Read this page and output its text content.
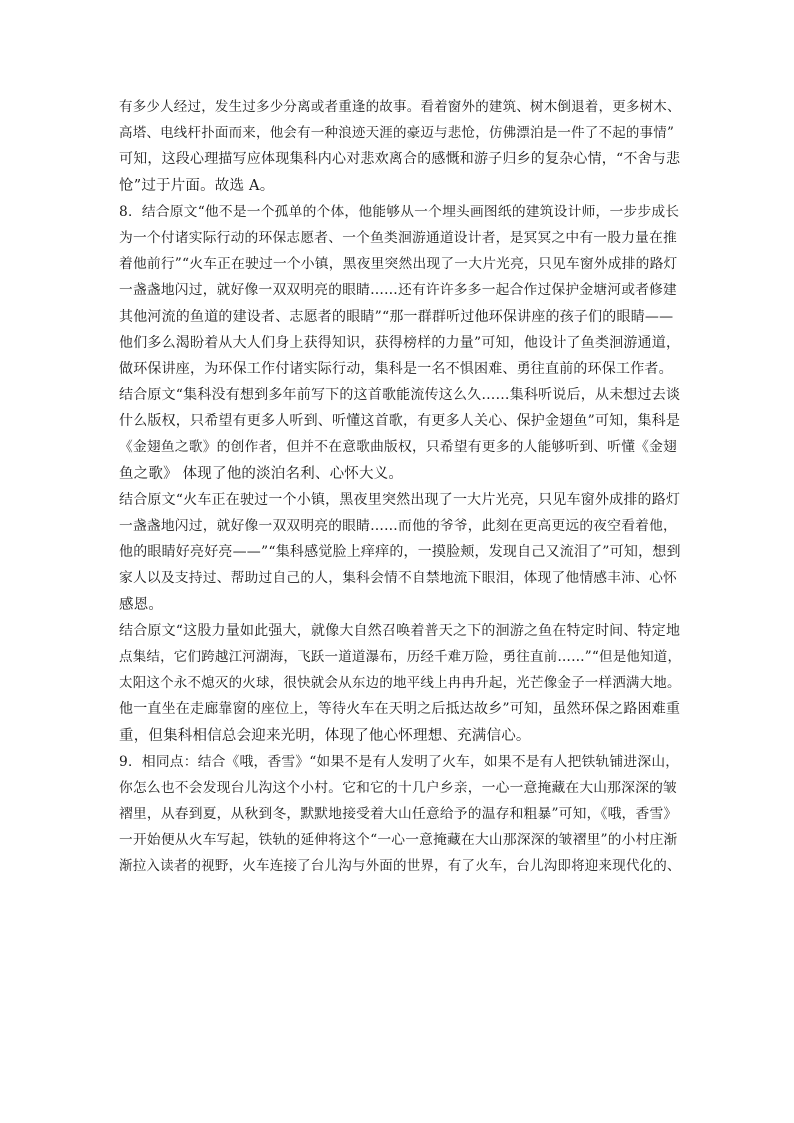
有多少人经过，发生过多少分离或者重逢的故事。看着窗外的建筑、树木倒退着，更多树木、
高塔、电线杆扑面而来，他会有一种浪迹天涯的豪迈与悲怆，仿佛漂泊是一件了不起的事情”
可知，这段心理描写应体现集科内心对悲欢离合的感慨和游子归乡的复杂心情，“不舍与悲
怆”过于片面。故选 A。
8．结合原文“他不是一个孤单的个体，他能够从一个埋头画图纸的建筑设计师，一步步成长
为一个付诸实际行动的环保志愿者、一个鱼类洄游通道设计者，是冥冥之中有一股力量在推
着他前行”“火车正在驶过一个小镇，黑夜里突然出现了一大片光亮，只见车窗外成排的路灯
一盏盏地闪过，就好像一双双明亮的眼睛……还有许许多多一起合作过保护金塘河或者修建
其他河流的鱼道的建设者、志愿者的眼睛”“那一群群听过他环保讲座的孩子们的眼睛——
他们多么渴盼着从大人们身上获得知识，获得榜样的力量”可知，他设计了鱼类洄游通道，
做环保讲座，为环保工作付诸实际行动，集科是一名不惧困难、勇往直前的环保工作者。
结合原文“集科没有想到多年前写下的这首歌能流传这么久……集科听说后，从未想过去谈
什么版权，只希望有更多人听到、听懂这首歌，有更多人关心、保护金翅鱼”可知，集科是
《金翅鱼之歌》的创作者，但并不在意歌曲版权，只希望有更多的人能够听到、听懂《金翅
鱼之歌》 体现了他的淡泊名利、心怀大义。
结合原文“火车正在驶过一个小镇，黑夜里突然出现了一大片光亮，只见车窗外成排的路灯
一盏盏地闪过，就好像一双双明亮的眼睛……而他的爷爷，此刻在更高更远的夜空看着他，
他的眼睛好亮好亮——”“集科感觉脸上痒痒的，一摸脸颊，发现自己又流泪了”可知，想到
家人以及支持过、帮助过自己的人，集科会情不自禁地流下眼泪，体现了他情感丰沛、心怀
感恩。
结合原文“这股力量如此强大，就像大自然召唤着普天之下的洄游之鱼在特定时间、特定地
点集结，它们跨越江河湖海，飞跃一道道瀑布，历经千难万险，勇往直前……”“但是他知道，
太阳这个永不熄灭的火球，很快就会从东边的地平线上冉冉升起，光芒像金子一样洒满大地。
他一直坐在走廊靠窗的座位上，等待火车在天明之后抵达故乡”可知，虽然环保之路困难重
重，但集科相信总会迎来光明，体现了他心怀理想、充满信心。
9．相同点：结合《哦，香雪》“如果不是有人发明了火车，如果不是有人把铁轨铺进深山，
你怎么也不会发现台儿沟这个小村。它和它的十几户乡亲，一心一意掩藏在大山那深深的皱
褶里，从春到夏，从秋到冬，默默地接受着大山任意给予的温存和粗暴”可知，《哦，香雪》
一开始便从火车写起，铁轨的延伸将这个“一心一意掩藏在大山那深深的皱褶里”的小村庄渐
渐拉入读者的视野，火车连接了台儿沟与外面的世界，有了火车，台儿沟即将迎来现代化的、
